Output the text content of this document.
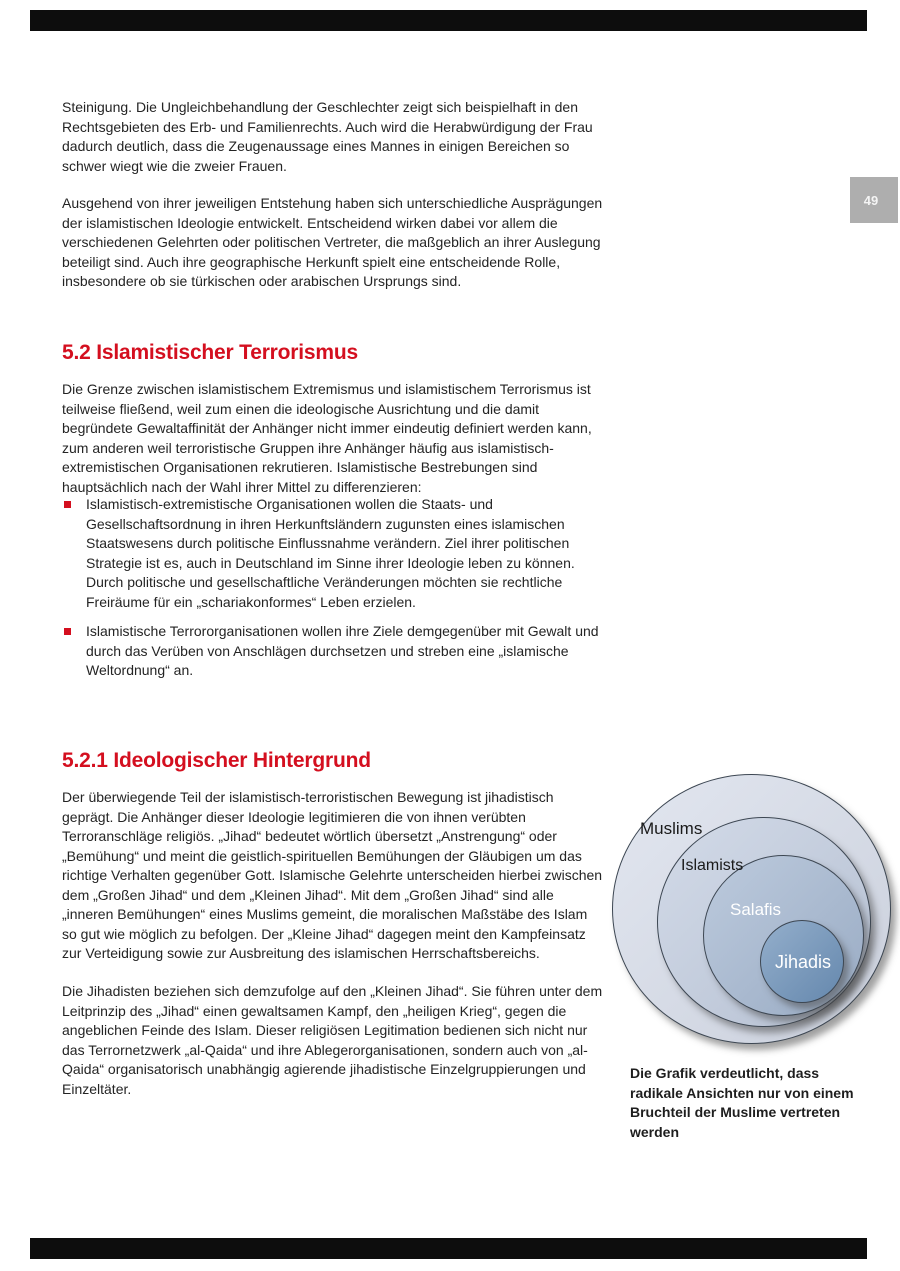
49

Steinigung. Die Ungleichbehandlung der Geschlechter zeigt sich beispielhaft in den Rechtsgebieten des Erb- und Familienrechts. Auch wird die Herabwürdigung der Frau dadurch deutlich, dass die Zeugenaussage eines Mannes in einigen Bereichen so schwer wiegt wie die zweier Frauen.

Ausgehend von ihrer jeweiligen Entstehung haben sich unterschiedliche Ausprägungen der islamistischen Ideologie entwickelt. Entscheidend wirken dabei vor allem die verschiedenen Gelehrten oder politischen Vertreter, die maßgeblich an ihrer Auslegung beteiligt sind. Auch ihre geographische Herkunft spielt eine entscheidende Rolle, insbesondere ob sie türkischen oder arabischen Ursprungs sind.

5.2 Islamistischer Terrorismus

Die Grenze zwischen islamistischem Extremismus und islamistischem Terrorismus ist teilweise fließend, weil zum einen die ideologische Ausrichtung und die damit begründete Gewaltaffinität der Anhänger nicht immer eindeutig definiert werden kann, zum anderen weil terroristische Gruppen ihre Anhänger häufig aus islamistisch-extremistischen Organisationen rekrutieren. Islamistische Bestrebungen sind hauptsächlich nach der Wahl ihrer Mittel zu differenzieren:

Islamistisch-extremistische Organisationen wollen die Staats- und Gesellschaftsordnung in ihren Herkunftsländern zugunsten eines islamischen Staatswesens durch politische Einflussnahme verändern. Ziel ihrer politischen Strategie ist es, auch in Deutschland im Sinne ihrer Ideologie leben zu können. Durch politische und gesellschaftliche Veränderungen möchten sie rechtliche Freiräume für ein „schariakonformes“ Leben erzielen.
Islamistische Terrororganisationen wollen ihre Ziele demgegenüber mit Gewalt und durch das Verüben von Anschlägen durchsetzen und streben eine „islamische Weltordnung“ an.
5.2.1 Ideologischer Hintergrund

Der überwiegende Teil der islamistisch-terroristischen Bewegung ist jihadistisch geprägt. Die Anhänger dieser Ideologie legitimieren die von ihnen verübten Terroranschläge religiös. „Jihad“ bedeutet wörtlich übersetzt „Anstrengung“ oder „Bemühung“ und meint die geistlich-spirituellen Bemühungen der Gläubigen um das richtige Verhalten gegenüber Gott. Islamische Gelehrte unterscheiden hierbei zwischen dem „Großen Jihad“ und dem „Kleinen Jihad“. Mit dem „Großen Jihad“ sind alle „inneren Bemühungen“ eines Muslims gemeint, die moralischen Maßstäbe des Islam so gut wie möglich zu befolgen. Der „Kleine Jihad“ dagegen meint den Kampfeinsatz zur Verteidigung sowie zur Ausbreitung des islamischen Herrschaftsbereichs.

Die Jihadisten beziehen sich demzufolge auf den „Kleinen Jihad“. Sie führen unter dem Leitprinzip des „Jihad“ einen gewaltsamen Kampf, den „heiligen Krieg“, gegen die angeblichen Feinde des Islam. Dieser religiösen Legitimation bedienen sich nicht nur das Terrornetzwerk „al-Qaida“ und ihre Ablegerorganisationen, sondern auch von „al-Qaida“ organisatorisch unabhängig agierende jihadistische Einzelgruppierungen und Einzeltäter.

Muslims
Islamists
Salafis
Jihadis
Die Grafik verdeutlicht, dass radikale Ansichten nur von einem Bruchteil der Muslime vertreten werden
